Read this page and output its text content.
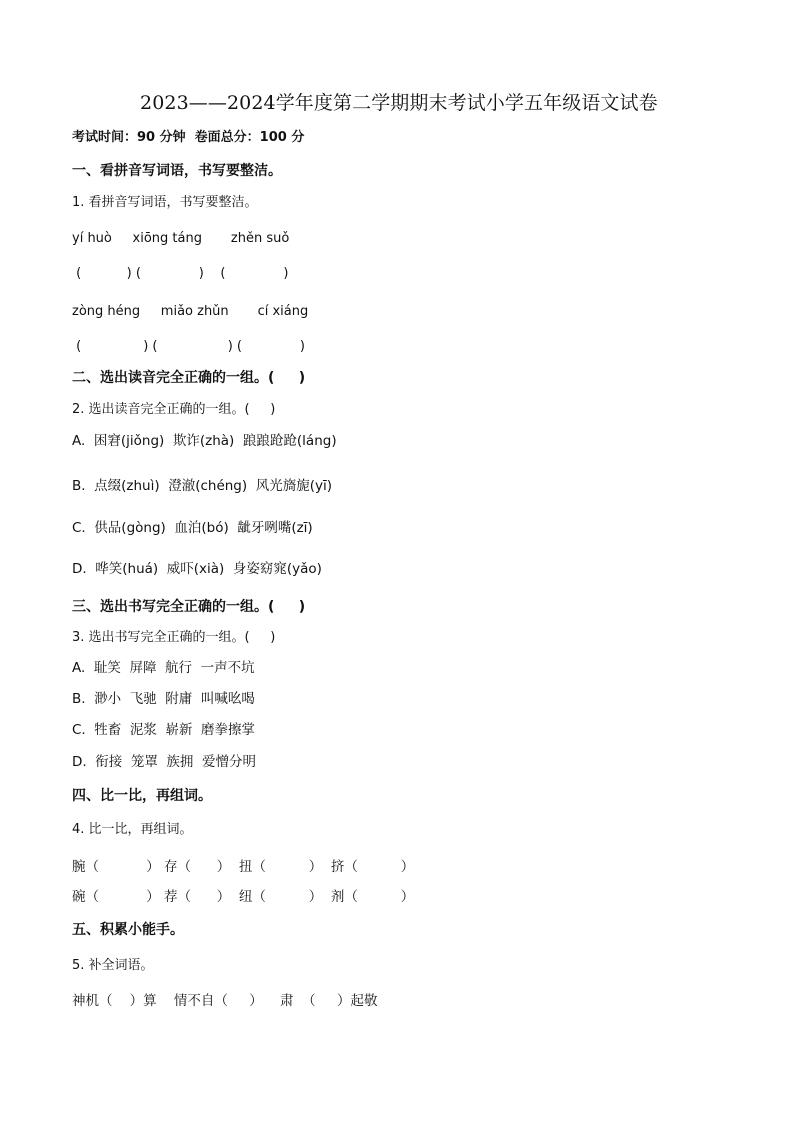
2023——2024学年度第二学期期末考试小学五年级语文试卷
考试时间：90 分钟  卷面总分：100 分
一、看拼音写词语，书写要整洁。
1. 看拼音写词语，书写要整洁。
yí huò     xiōng táng       zhěn suǒ
(           ) (              )    (              )
zòng héng     miǎo zhǔn       cí xiáng
(               ) (                 ) (              )
二、选出读音完全正确的一组。(     )
2. 选出读音完全正确的一组。(     )
A.  困窘(jiǒng)  欺诈(zhà)  踉踉跄跄(láng)
B.  点缀(zhuì)  澄澈(chéng)  风光旖旎(yī)
C.  供品(gòng)  血泊(bó)  龇牙咧嘴(zī)
D.  哗笑(huá)  威吓(xià)  身姿窈窕(yǎo)
三、选出书写完全正确的一组。(     )
3. 选出书写完全正确的一组。(     )
A.  耻笑  屏障  航行  一声不坑
B.  渺小  飞驰  附庸  叫喊吆喝
C.  牲畜  泥浆  崭新  磨拳擦掌
D.  衔接  笼罩  族拥  爱憎分明
四、比一比，再组词。
4. 比一比，再组词。
腕（           ） 存（      ）  扭（          ）  挤（          ）
碗（           ） 荐（      ）  纽（          ）  剂（          ）
五、积累小能手。
5. 补全词语。
神机（    ）算    情不自（     ）    肃  （     ）起敬
